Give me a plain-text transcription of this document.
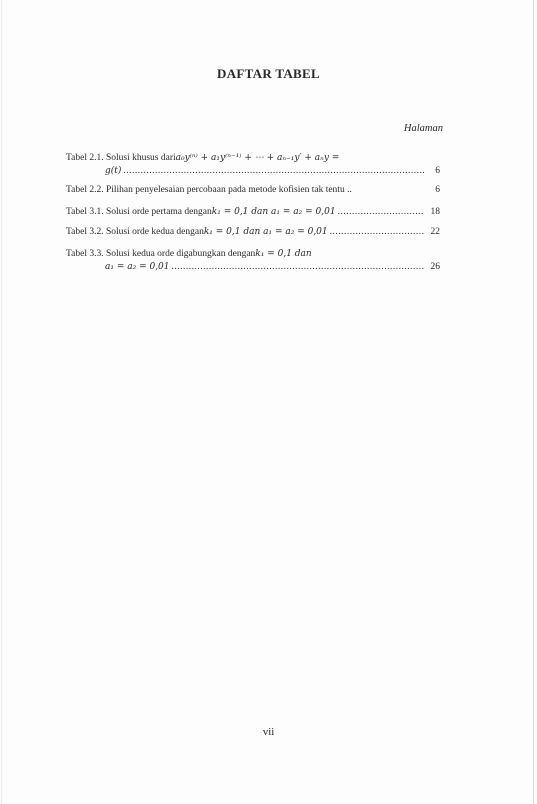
DAFTAR TABEL
Halaman
Tabel 2.1. Solusi khusus dari a₀y⁽ⁿ⁾ + a₁y⁽ⁿ⁻¹⁾ + ⋯ + aₙ₋₁y′ + aₙy =
g(t) .....	6
Tabel 2.2. Pilihan penyelesaian percobaan pada metode kofisien tak tentu ..	6
Tabel 3.1. Solusi orde pertama dengan k₁ = 0,1 dan a₁ = a₂ = 0,01 .....	18
Tabel 3.2. Solusi orde kedua dengan k₁ = 0,1 dan a₁ = a₂ = 0,01 .....	22
Tabel 3.3. Solusi kedua orde digabungkan dengan k₁ = 0,1 dan
a₁ = a₂ = 0,01 .....	26
vii
